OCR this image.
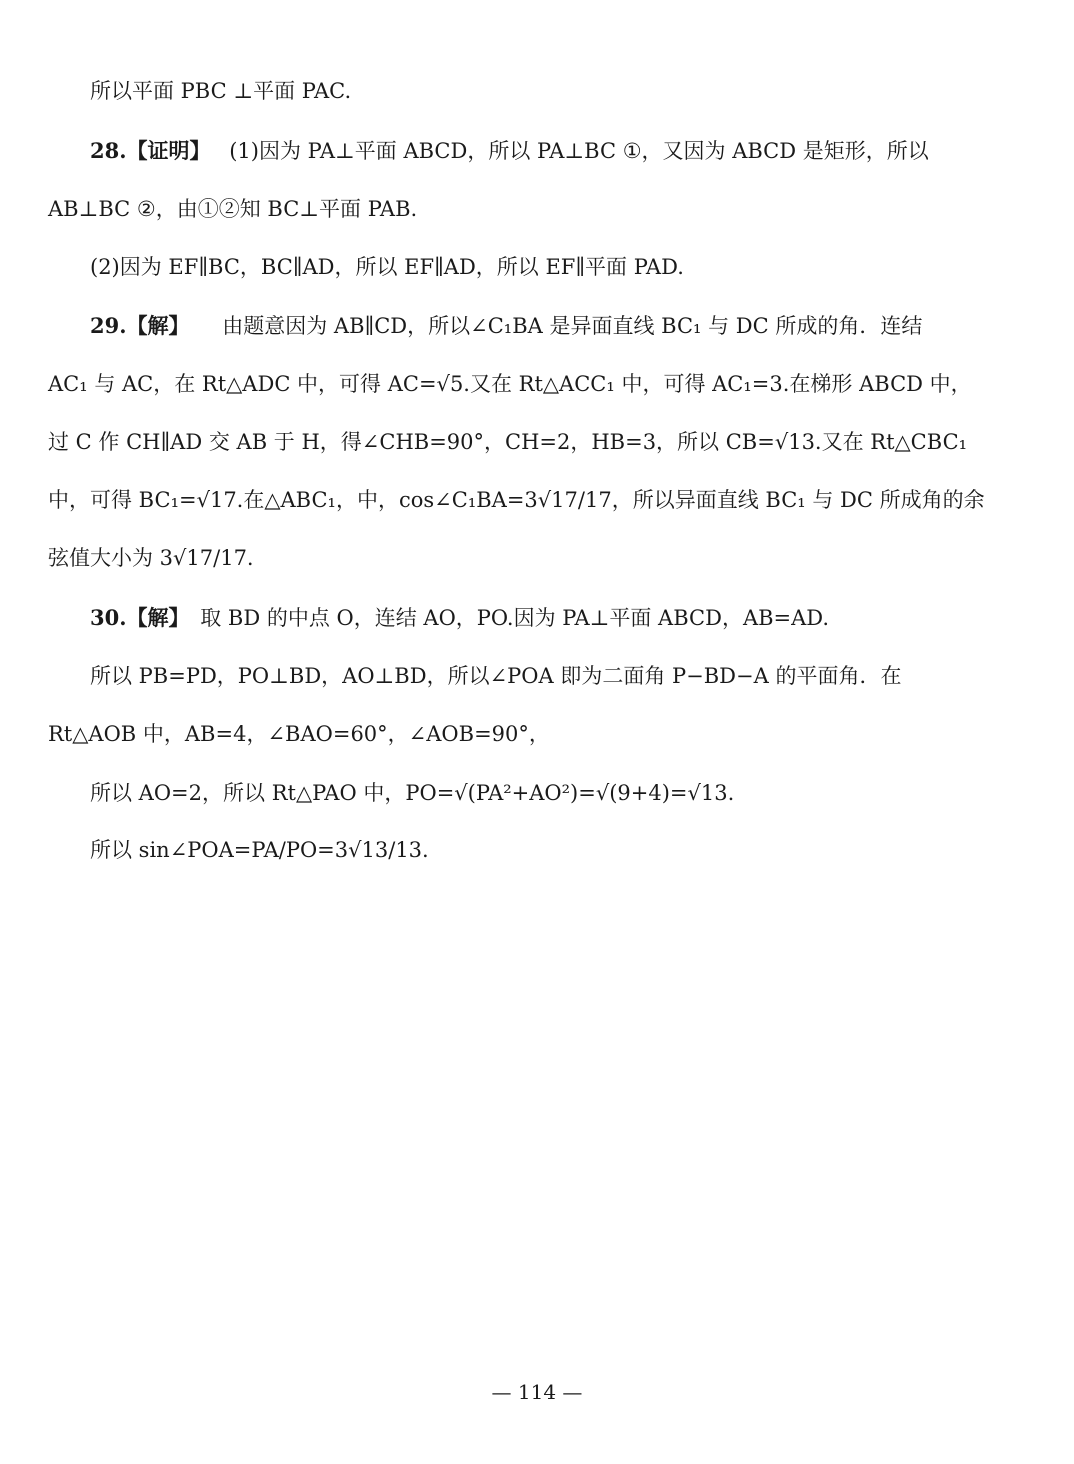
所以平面 PBC ⊥平面 PAC.
28.【证明】 (1)因为 PA⊥平面 ABCD，所以 PA⊥BC ①，又因为 ABCD 是矩形，所以
AB⊥BC ②，由①②知 BC⊥平面 PAB.
(2)因为 EF∥BC，BC∥AD，所以 EF∥AD，所以 EF∥平面 PAD.
29.【解】 由题意因为 AB∥CD，所以∠C₁BA 是异面直线 BC₁ 与 DC 所成的角．连结
AC₁ 与 AC，在 Rt△ADC 中，可得 AC=√5.又在 Rt△ACC₁ 中，可得 AC₁=3.在梯形 ABCD 中，
过 C 作 CH∥AD 交 AB 于 H，得∠CHB=90°，CH=2，HB=3，所以 CB=√13.又在 Rt△CBC₁
中，可得 BC₁=√17.在△ABC₁，中，cos∠C₁BA=3√17/17，所以异面直线 BC₁ 与 DC 所成角的余
弦值大小为 3√17/17.
30.【解】 取 BD 的中点 O，连结 AO，PO.因为 PA⊥平面 ABCD，AB=AD.
所以 PB=PD，PO⊥BD，AO⊥BD，所以∠POA 即为二面角 P−BD−A 的平面角．在
Rt△AOB 中，AB=4，∠BAO=60°，∠AOB=90°，
所以 AO=2，所以 Rt△PAO 中，PO=√(PA²+AO²)=√(9+4)=√13.
所以 sin∠POA=PA/PO=3√13/13.
— 114 —
